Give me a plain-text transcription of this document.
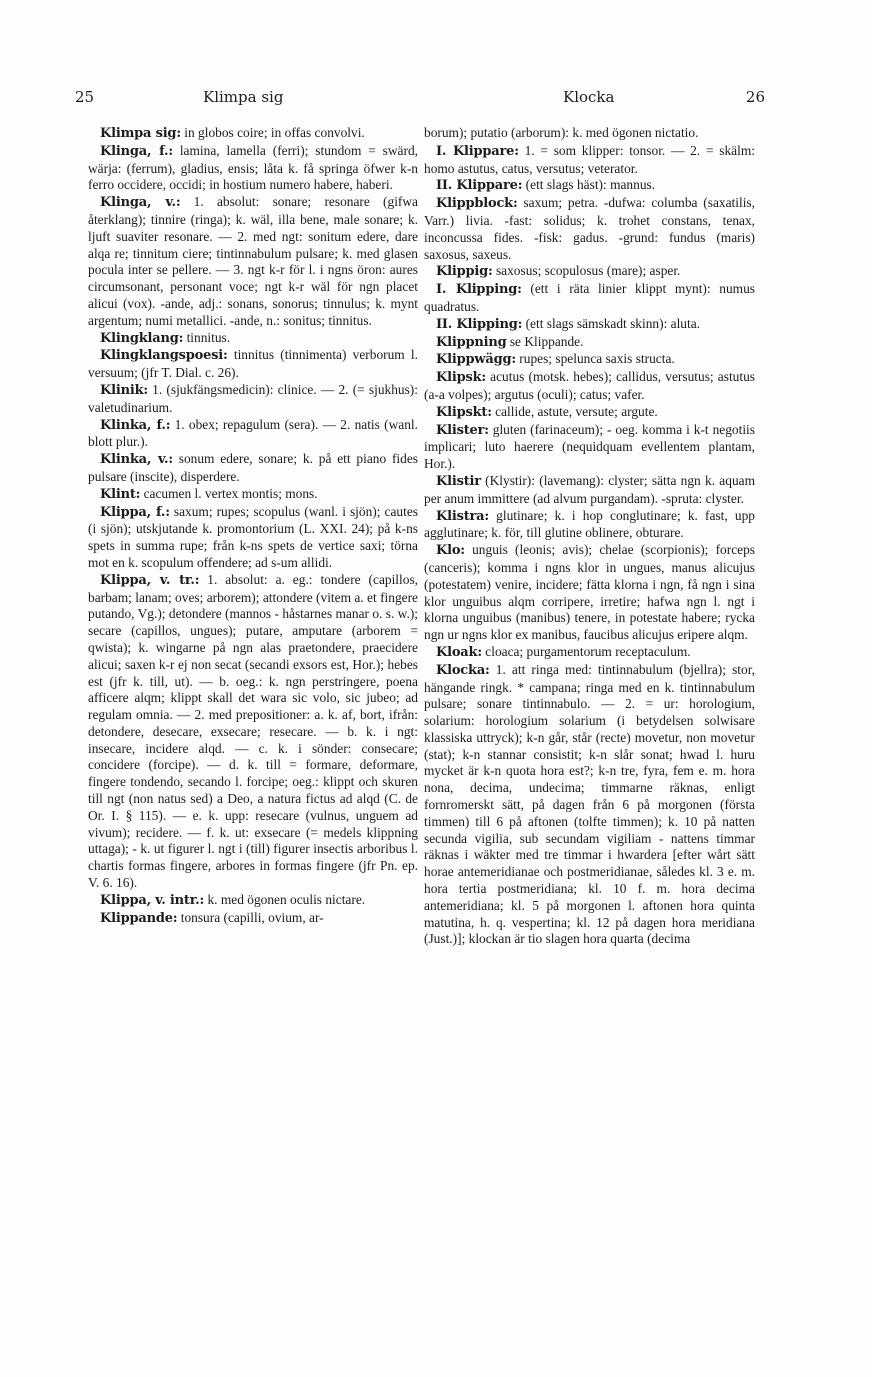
25	Klimpa sig	Klocka	26

Klimpa sig: in globos coire; in offas convolvi.

Klinga, f.: lamina, lamella (ferri); stundom = swärd, wärja: (ferrum), gladius, ensis; låta k. få springa öfwer k-n ferro occidere, occidi; in hostium numero habere, haberi.

Klinga, v.: 1. absolut: sonare; resonare (gifwa återklang); tinnire (ringa); k. wäl, illa bene, male sonare; k. ljuft suaviter resonare. — 2. med ngt: sonitum edere, dare alqa re; tinnitum ciere; tintinnabulum pulsare; k. med glasen pocula inter se pellere. — 3. ngt k-r för l. i ngns öron: aures circumsonant, personant voce; ngt k-r wäl för ngn placet alicui (vox). -ande, adj.: sonans, sonorus; tinnulus; k. mynt argentum; numi metallici. -ande, n.: sonitus; tinnitus.

Klingklang: tinnitus.

Klingklangspoesi: tinnitus (tinnimenta) verborum l. versuum; (jfr T. Dial. c. 26).

Klinik: 1. (sjukfängsmedicin): clinice. — 2. (= sjukhus): valetudinarium.

Klinka, f.: 1. obex; repagulum (sera). — 2. natis (wanl. blott plur.).

Klinka, v.: sonum edere, sonare; k. på ett piano fides pulsare (inscite), disperdere.

Klint: cacumen l. vertex montis; mons.

Klippa, f.: saxum; rupes; scopulus (wanl. i sjön); cautes (i sjön); utskjutande k. promontorium (L. XXI. 24); på k-ns spets in summa rupe; från k-ns spets de vertice saxi; törna mot en k. scopulum offendere; ad s-um allidi.

Klippa, v. tr.: 1. absolut: a. eg.: tondere (capillos, barbam; lanam; oves; arborem); attondere (vitem a. et fingere putando, Vg.); detondere (mannos - håstarnes manar o. s. w.); secare (capillos, ungues); putare, amputare (arborem = qwista); k. wingarne på ngn alas praetondere, praecidere alicui; saxen k-r ej non secat (secandi exsors est, Hor.); hebes est (jfr k. till, ut). — b. oeg.: k. ngn perstringere, poena afficere alqm; klippt skall det wara sic volo, sic jubeo; ad regulam omnia. — 2. med prepositioner: a. k. af, bort, ifrån: detondere, desecare, exsecare; resecare. — b. k. i ngt: insecare, incidere alqd. — c. k. i sönder: consecare; concidere (forcipe). — d. k. till = formare, deformare, fingere tondendo, secando l. forcipe; oeg.: klippt och skuren till ngt (non natus sed) a Deo, a natura fictus ad alqd (C. de Or. I. § 115). — e. k. upp: resecare (vulnus, unguem ad vivum); recidere. — f. k. ut: exsecare (= medels klippning uttaga); - k. ut figurer l. ngt i (till) figurer insectis arboribus l. chartis formas fingere, arbores in formas fingere (jfr Pn. ep. V. 6. 16).

Klippa, v. intr.: k. med ögonen oculis nictare.

Klippande: tonsura (capilli, ovium, ar-

borum); putatio (arborum): k. med ögonen nictatio.

I. Klippare: 1. = som klipper: tonsor. — 2. = skälm: homo astutus, catus, versutus; veterator.

II. Klippare: (ett slags häst): mannus.

Klippblock: saxum; petra. -dufwa: columba (saxatilis, Varr.) livia. -fast: solidus; k. trohet constans, tenax, inconcussa fides. -fisk: gadus. -grund: fundus (maris) saxosus, saxeus.

Klippig: saxosus; scopulosus (mare); asper.

I. Klipping: (ett i räta linier klippt mynt): numus quadratus.

II. Klipping: (ett slags sämskadt skinn): aluta.

Klippning se Klippande.

Klippwägg: rupes; spelunca saxis structa.

Klipsk: acutus (motsk. hebes); callidus, versutus; astutus (a-a volpes); argutus (oculi); catus; vafer.

Klipskt: callide, astute, versute; argute.

Klister: gluten (farinaceum); - oeg. komma i k-t negotiis implicari; luto haerere (nequidquam evellentem plantam, Hor.).

Klistir (Klystir): (lavemang): clyster; sätta ngn k. aquam per anum immittere (ad alvum purgandam). -spruta: clyster.

Klistra: glutinare; k. i hop conglutinare; k. fast, upp agglutinare; k. för, till glutine oblinere, obturare.

Klo: unguis (leonis; avis); chelae (scorpionis); forceps (canceris); komma i ngns klor in ungues, manus alicujus (potestatem) venire, incidere; fätta klorna i ngn, få ngn i sina klor unguibus alqm corripere, irretire; hafwa ngn l. ngt i klorna unguibus (manibus) tenere, in potestate habere; rycka ngn ur ngns klor ex manibus, faucibus alicujus eripere alqm.

Kloak: cloaca; purgamentorum receptaculum.

Klocka: 1. att ringa med: tintinnabulum (bjellra); stor, hängande ringk. * campana; ringa med en k. tintinnabulum pulsare; sonare tintinnabulo. — 2. = ur: horologium, solarium: horologium solarium (i betydelsen solwisare klassiska uttryck); k-n går, står (recte) movetur, non movetur (stat); k-n stannar consistit; k-n slår sonat; hwad l. huru mycket är k-n quota hora est?; k-n tre, fyra, fem e. m. hora nona, decima, undecima; timmarne räknas, enligt fornromerskt sätt, på dagen från 6 på morgonen (första timmen) till 6 på aftonen (tolfte timmen); k. 10 på natten secunda vigilia, sub secundam vigiliam - nattens timmar räknas i wäkter med tre timmar i hwardera [efter wårt sätt horae antemeridianae och postmeridianae, således kl. 3 e. m. hora tertia postmeridiana; kl. 10 f. m. hora decima antemeridiana; kl. 5 på morgonen l. aftonen hora quinta matutina, h. q. vespertina; kl. 12 på dagen hora meridiana (Just.)]; klockan är tio slagen hora quarta (decima
